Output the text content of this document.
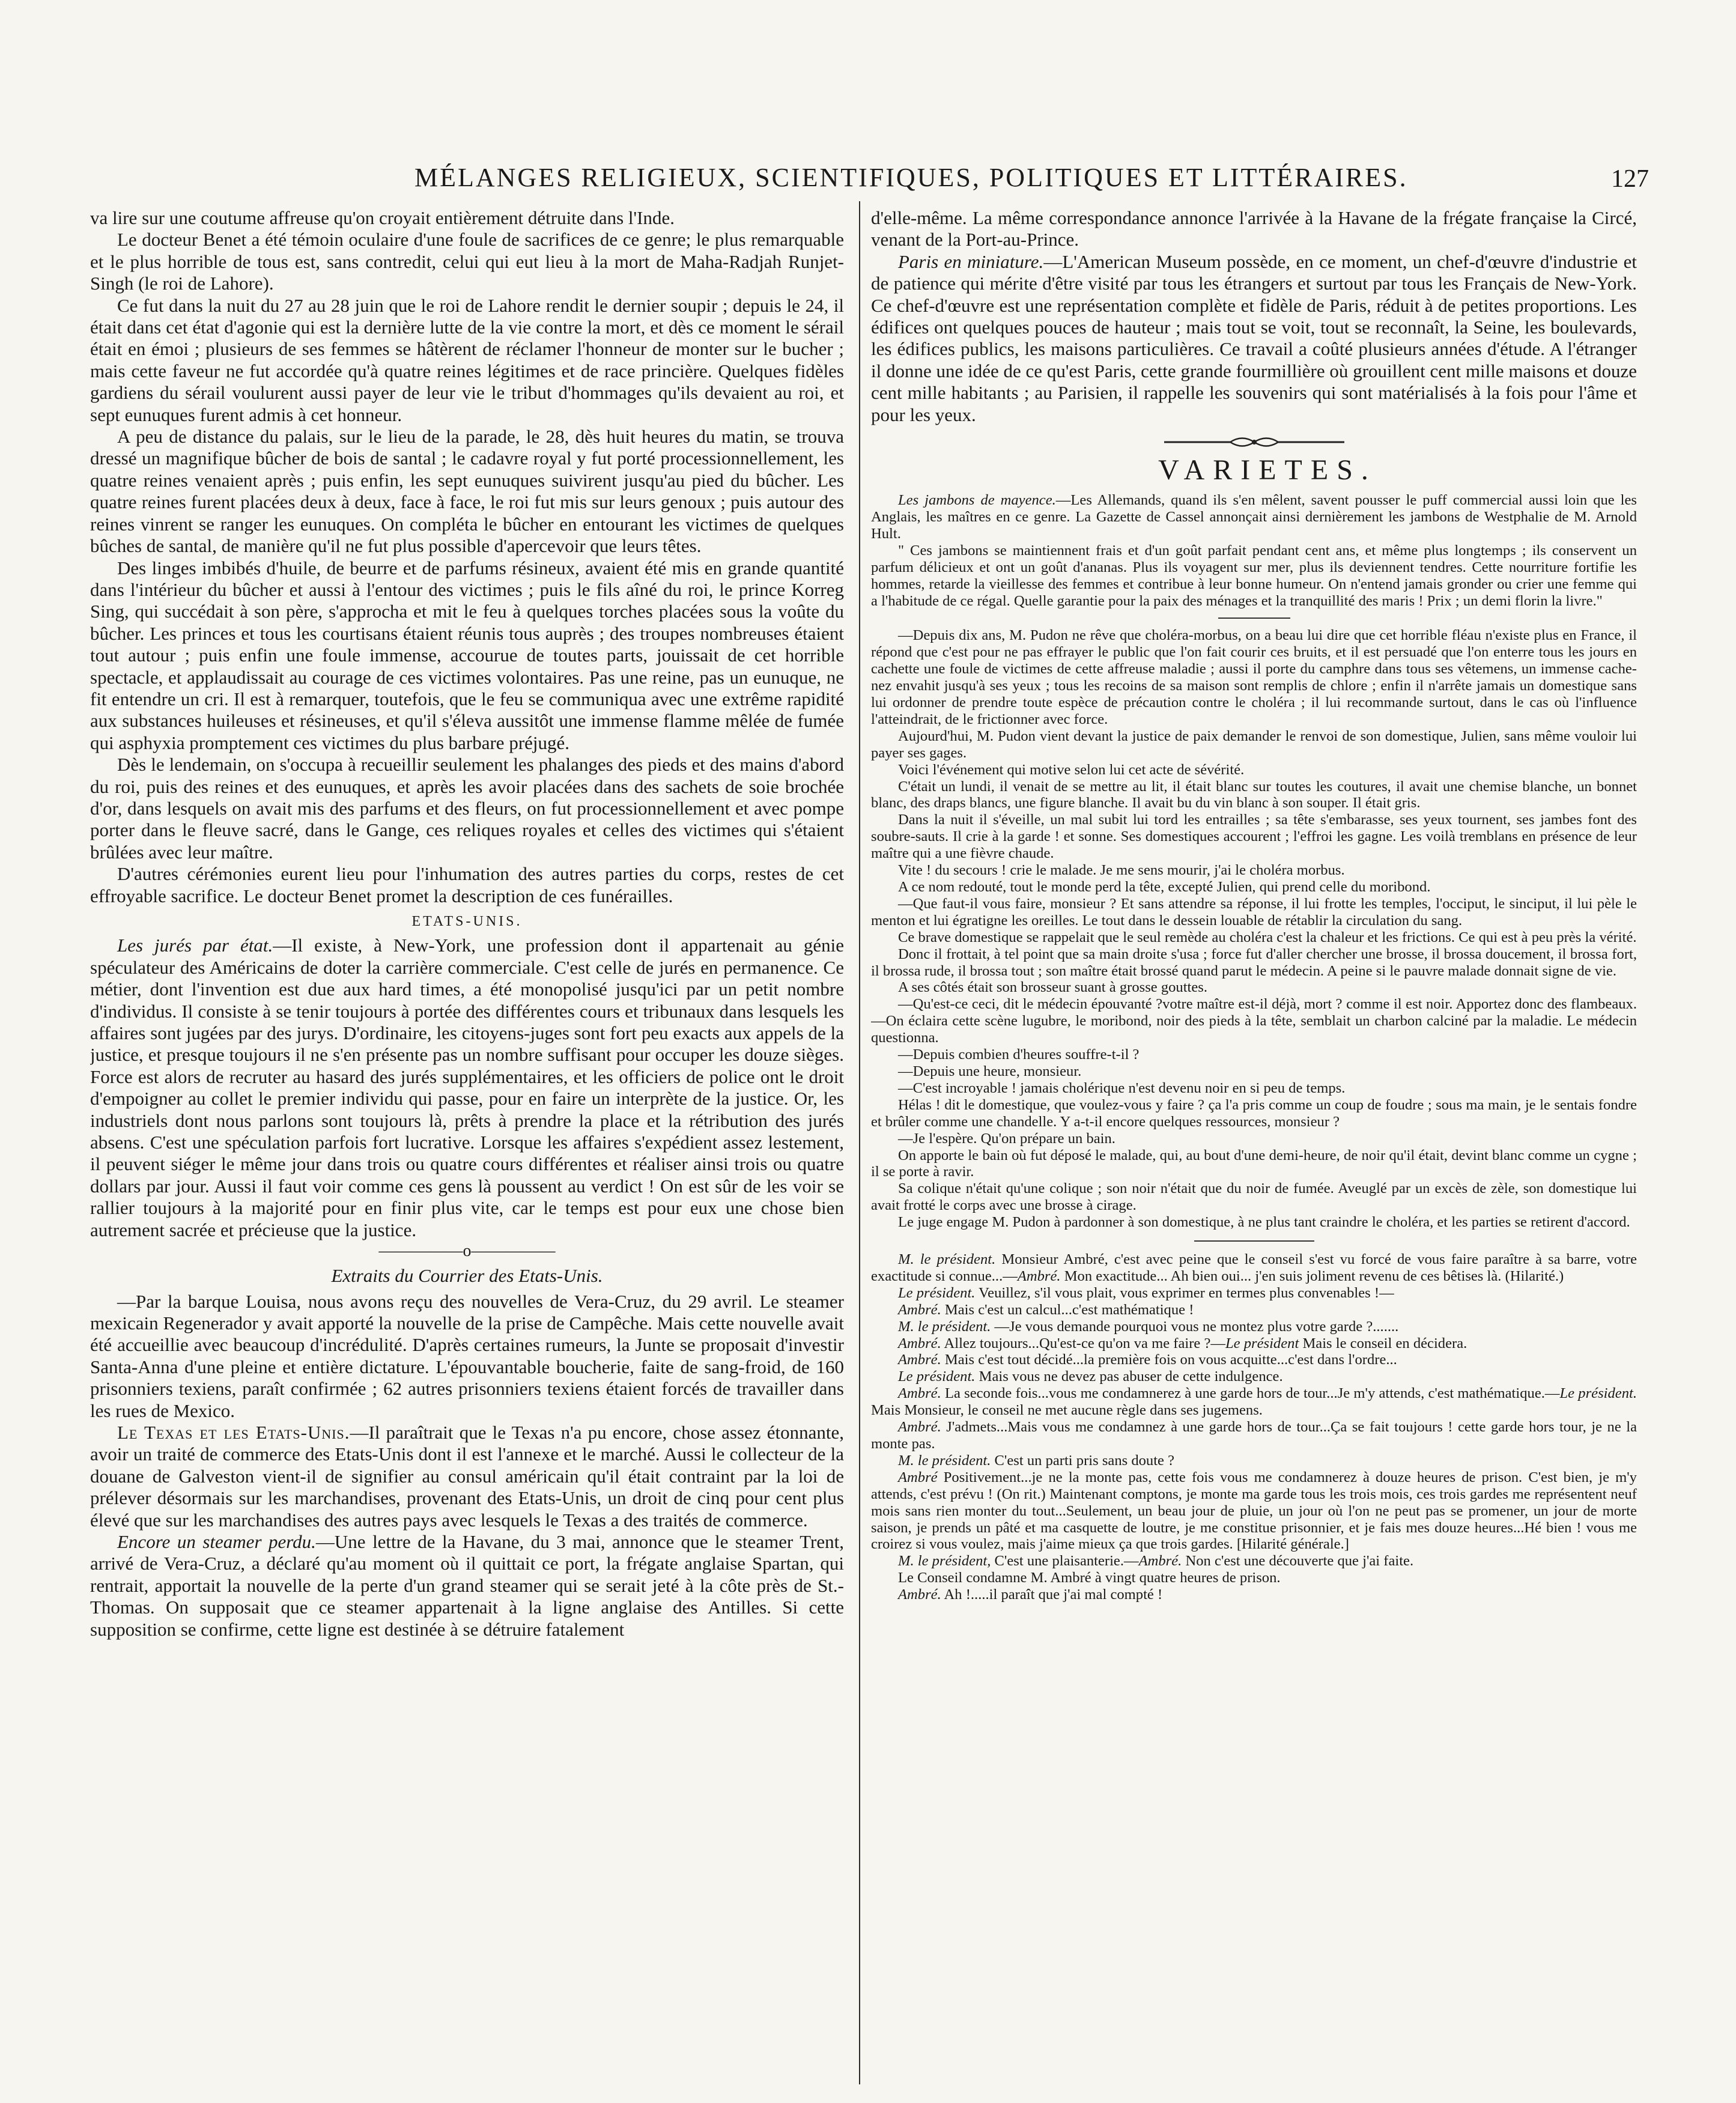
MÉLANGES RELIGIEUX, SCIENTIFIQUES, POLITIQUES ET LITTÉRAIRES.	127

va lire sur une coutume affreuse qu'on croyait entièrement détruite dans l'Inde.

Le docteur Benet a été témoin oculaire d'une foule de sacrifices de ce genre; le plus remarquable et le plus horrible de tous est, sans contredit, celui qui eut lieu à la mort de Maha-Radjah Runjet-Singh (le roi de Lahore).

Ce fut dans la nuit du 27 au 28 juin que le roi de Lahore rendit le dernier soupir ; depuis le 24, il était dans cet état d'agonie qui est la dernière lutte de la vie contre la mort, et dès ce moment le sérail était en émoi ; plusieurs de ses femmes se hâtèrent de réclamer l'honneur de monter sur le bucher ; mais cette faveur ne fut accordée qu'à quatre reines légitimes et de race princière. Quelques fidèles gardiens du sérail voulurent aussi payer de leur vie le tribut d'hommages qu'ils devaient au roi, et sept eunuques furent admis à cet honneur.

A peu de distance du palais, sur le lieu de la parade, le 28, dès huit heures du matin, se trouva dressé un magnifique bûcher de bois de santal ; le cadavre royal y fut porté processionnellement, les quatre reines venaient après ; puis enfin, les sept eunuques suivirent jusqu'au pied du bûcher. Les quatre reines furent placées deux à deux, face à face, le roi fut mis sur leurs genoux ; puis autour des reines vinrent se ranger les eunuques. On compléta le bûcher en entourant les victimes de quelques bûches de santal, de manière qu'il ne fut plus possible d'apercevoir que leurs têtes.

Des linges imbibés d'huile, de beurre et de parfums résineux, avaient été mis en grande quantité dans l'intérieur du bûcher et aussi à l'entour des victimes ; puis le fils aîné du roi, le prince Korreg Sing, qui succédait à son père, s'approcha et mit le feu à quelques torches placées sous la voûte du bûcher. Les princes et tous les courtisans étaient réunis tous auprès ; des troupes nombreuses étaient tout autour ; puis enfin une foule immense, accourue de toutes parts, jouissait de cet horrible spectacle, et applaudissait au courage de ces victimes volontaires. Pas une reine, pas un eunuque, ne fit entendre un cri. Il est à remarquer, toutefois, que le feu se communiqua avec une extrême rapidité aux substances huileuses et résineuses, et qu'il s'éleva aussitôt une immense flamme mêlée de fumée qui asphyxia promptement ces victimes du plus barbare préjugé.

Dès le lendemain, on s'occupa à recueillir seulement les phalanges des pieds et des mains d'abord du roi, puis des reines et des eunuques, et après les avoir placées dans des sachets de soie brochée d'or, dans lesquels on avait mis des parfums et des fleurs, on fut processionnellement et avec pompe porter dans le fleuve sacré, dans le Gange, ces reliques royales et celles des victimes qui s'étaient brûlées avec leur maître.

D'autres cérémonies eurent lieu pour l'inhumation des autres parties du corps, restes de cet effroyable sacrifice. Le docteur Benet promet la description de ces funérailles.

ETATS-UNIS.

Les jurés par état.—Il existe, à New-York, une profession dont il appartenait au génie spéculateur des Américains de doter la carrière commerciale. C'est celle de jurés en permanence. Ce métier, dont l'invention est due aux hard times, a été monopolisé jusqu'ici par un petit nombre d'individus. Il consiste à se tenir toujours à portée des différentes cours et tribunaux dans lesquels les affaires sont jugées par des jurys. D'ordinaire, les citoyens-juges sont fort peu exacts aux appels de la justice, et presque toujours il ne s'en présente pas un nombre suffisant pour occuper les douze sièges. Force est alors de recruter au hasard des jurés supplémentaires, et les officiers de police ont le droit d'empoigner au collet le premier individu qui passe, pour en faire un interprète de la justice. Or, les industriels dont nous parlons sont toujours là, prêts à prendre la place et la rétribution des jurés absens. C'est une spéculation parfois fort lucrative. Lorsque les affaires s'expédient assez lestement, il peuvent siéger le même jour dans trois ou quatre cours différentes et réaliser ainsi trois ou quatre dollars par jour. Aussi il faut voir comme ces gens là poussent au verdict ! On est sûr de les voir se rallier toujours à la majorité pour en finir plus vite, car le temps est pour eux une chose bien autrement sacrée et précieuse que la justice.

—————o—————

Extraits du Courrier des Etats-Unis.

—Par la barque Louisa, nous avons reçu des nouvelles de Vera-Cruz, du 29 avril. Le steamer mexicain Regenerador y avait apporté la nouvelle de la prise de Campêche. Mais cette nouvelle avait été accueillie avec beaucoup d'incrédulité. D'après certaines rumeurs, la Junte se proposait d'investir Santa-Anna d'une pleine et entière dictature. L'épouvantable boucherie, faite de sang-froid, de 160 prisonniers texiens, paraît confirmée ; 62 autres prisonniers texiens étaient forcés de travailler dans les rues de Mexico.

Le Texas et les Etats-Unis.—Il paraîtrait que le Texas n'a pu encore, chose assez étonnante, avoir un traité de commerce des Etats-Unis dont il est l'annexe et le marché. Aussi le collecteur de la douane de Galveston vient-il de signifier au consul américain qu'il était contraint par la loi de prélever désormais sur les marchandises, provenant des Etats-Unis, un droit de cinq pour cent plus élevé que sur les marchandises des autres pays avec lesquels le Texas a des traités de commerce.

Encore un steamer perdu.—Une lettre de la Havane, du 3 mai, annonce que le steamer Trent, arrivé de Vera-Cruz, a déclaré qu'au moment où il quittait ce port, la frégate anglaise Spartan, qui rentrait, apportait la nouvelle de la perte d'un grand steamer qui se serait jeté à la côte près de St.-Thomas. On supposait que ce steamer appartenait à la ligne anglaise des Antilles. Si cette supposition se confirme, cette ligne est destinée à se détruire fatalement

d'elle-même. La même correspondance annonce l'arrivée à la Havane de la frégate française la Circé, venant de la Port-au-Prince.

Paris en miniature.—L'American Museum possède, en ce moment, un chef-d'œuvre d'industrie et de patience qui mérite d'être visité par tous les étrangers et surtout par tous les Français de New-York. Ce chef-d'œuvre est une représentation complète et fidèle de Paris, réduit à de petites proportions. Les édifices ont quelques pouces de hauteur ; mais tout se voit, tout se reconnaît, la Seine, les boulevards, les édifices publics, les maisons particulières. Ce travail a coûté plusieurs années d'étude. A l'étranger il donne une idée de ce qu'est Paris, cette grande fourmillière où grouillent cent mille maisons et douze cent mille habitants ; au Parisien, il rappelle les souvenirs qui sont matérialisés à la fois pour l'âme et pour les yeux.

VARIETES.

Les jambons de mayence.—Les Allemands, quand ils s'en mêlent, savent pousser le puff commercial aussi loin que les Anglais, les maîtres en ce genre. La Gazette de Cassel annonçait ainsi dernièrement les jambons de Westphalie de M. Arnold Hult.

" Ces jambons se maintiennent frais et d'un goût parfait pendant cent ans, et même plus longtemps ; ils conservent un parfum délicieux et ont un goût d'ananas. Plus ils voyagent sur mer, plus ils deviennent tendres. Cette nourriture fortifie les hommes, retarde la vieillesse des femmes et contribue à leur bonne humeur. On n'entend jamais gronder ou crier une femme qui a l'habitude de ce régal. Quelle garantie pour la paix des ménages et la tranquillité des maris ! Prix ; un demi florin la livre."

—Depuis dix ans, M. Pudon ne rêve que choléra-morbus, on a beau lui dire que cet horrible fléau n'existe plus en France, il répond que c'est pour ne pas effrayer le public que l'on fait courir ces bruits, et il est persuadé que l'on enterre tous les jours en cachette une foule de victimes de cette affreuse maladie ; aussi il porte du camphre dans tous ses vêtemens, un immense cache-nez envahit jusqu'à ses yeux ; tous les recoins de sa maison sont remplis de chlore ; enfin il n'arrête jamais un domestique sans lui ordonner de prendre toute espèce de précaution contre le choléra ; il lui recommande surtout, dans le cas où l'influence l'atteindrait, de le frictionner avec force.

Aujourd'hui, M. Pudon vient devant la justice de paix demander le renvoi de son domestique, Julien, sans même vouloir lui payer ses gages.

Voici l'événement qui motive selon lui cet acte de sévérité.

C'était un lundi, il venait de se mettre au lit, il était blanc sur toutes les coutures, il avait une chemise blanche, un bonnet blanc, des draps blancs, une figure blanche. Il avait bu du vin blanc à son souper. Il était gris.

Dans la nuit il s'éveille, un mal subit lui tord les entrailles ; sa tête s'embarasse, ses yeux tournent, ses jambes font des soubre-sauts. Il crie à la garde ! et sonne. Ses domestiques accourent ; l'effroi les gagne. Les voilà tremblans en présence de leur maître qui a une fièvre chaude.

Vite ! du secours ! crie le malade. Je me sens mourir, j'ai le choléra morbus.

A ce nom redouté, tout le monde perd la tête, excepté Julien, qui prend celle du moribond.

—Que faut-il vous faire, monsieur ? Et sans attendre sa réponse, il lui frotte les temples, l'occiput, le sinciput, il lui pèle le menton et lui égratigne les oreilles. Le tout dans le dessein louable de rétablir la circulation du sang.

Ce brave domestique se rappelait que le seul remède au choléra c'est la chaleur et les frictions. Ce qui est à peu près la vérité.

Donc il frottait, à tel point que sa main droite s'usa ; force fut d'aller chercher une brosse, il brossa doucement, il brossa fort, il brossa rude, il brossa tout ; son maître était brossé quand parut le médecin. A peine si le pauvre malade donnait signe de vie.

A ses côtés était son brosseur suant à grosse gouttes.

—Qu'est-ce ceci, dit le médecin épouvanté ?votre maître est-il déjà, mort ? comme il est noir. Apportez donc des flambeaux.—On éclaira cette scène lugubre, le moribond, noir des pieds à la tête, semblait un charbon calciné par la maladie. Le médecin questionna.

—Depuis combien d'heures souffre-t-il ?

—Depuis une heure, monsieur.

—C'est incroyable ! jamais cholérique n'est devenu noir en si peu de temps.

Hélas ! dit le domestique, que voulez-vous y faire ? ça l'a pris comme un coup de foudre ; sous ma main, je le sentais fondre et brûler comme une chandelle. Y a-t-il encore quelques ressources, monsieur ?

—Je l'espère. Qu'on prépare un bain.

On apporte le bain où fut déposé le malade, qui, au bout d'une demi-heure, de noir qu'il était, devint blanc comme un cygne ; il se porte à ravir.

Sa colique n'était qu'une colique ; son noir n'était que du noir de fumée. Aveuglé par un excès de zèle, son domestique lui avait frotté le corps avec une brosse à cirage.

Le juge engage M. Pudon à pardonner à son domestique, à ne plus tant craindre le choléra, et les parties se retirent d'accord.

M. le président. Monsieur Ambré, c'est avec peine que le conseil s'est vu forcé de vous faire paraître à sa barre, votre exactitude si connue...—Ambré. Mon exactitude... Ah bien oui... j'en suis joliment revenu de ces bêtises là. (Hilarité.)

Le président. Veuillez, s'il vous plait, vous exprimer en termes plus convenables !—

Ambré. Mais c'est un calcul...c'est mathématique !

M. le président. —Je vous demande pourquoi vous ne montez plus votre garde ?.......

Ambré. Allez toujours...Qu'est-ce qu'on va me faire ?—Le président Mais le conseil en décidera.

Ambré. Mais c'est tout décidé...la première fois on vous acquitte...c'est dans l'ordre...

Le président. Mais vous ne devez pas abuser de cette indulgence.

Ambré. La seconde fois...vous me condamnerez à une garde hors de tour...Je m'y attends, c'est mathématique.—Le président. Mais Monsieur, le conseil ne met aucune règle dans ses jugemens.

Ambré. J'admets...Mais vous me condamnez à une garde hors de tour...Ça se fait toujours ! cette garde hors tour, je ne la monte pas.

M. le président. C'est un parti pris sans doute ?

Ambré Positivement...je ne la monte pas, cette fois vous me condamnerez à douze heures de prison. C'est bien, je m'y attends, c'est prévu ! (On rit.) Maintenant comptons, je monte ma garde tous les trois mois, ces trois gardes me représentent neuf mois sans rien monter du tout...Seulement, un beau jour de pluie, un jour où l'on ne peut pas se promener, un jour de morte saison, je prends un pâté et ma casquette de loutre, je me constitue prisonnier, et je fais mes douze heures...Hé bien ! vous me croirez si vous voulez, mais j'aime mieux ça que trois gardes. [Hilarité générale.]

M. le président, C'est une plaisanterie.—Ambré. Non c'est une découverte que j'ai faite.

Le Conseil condamne M. Ambré à vingt quatre heures de prison.

Ambré. Ah !.....il paraît que j'ai mal compté !
